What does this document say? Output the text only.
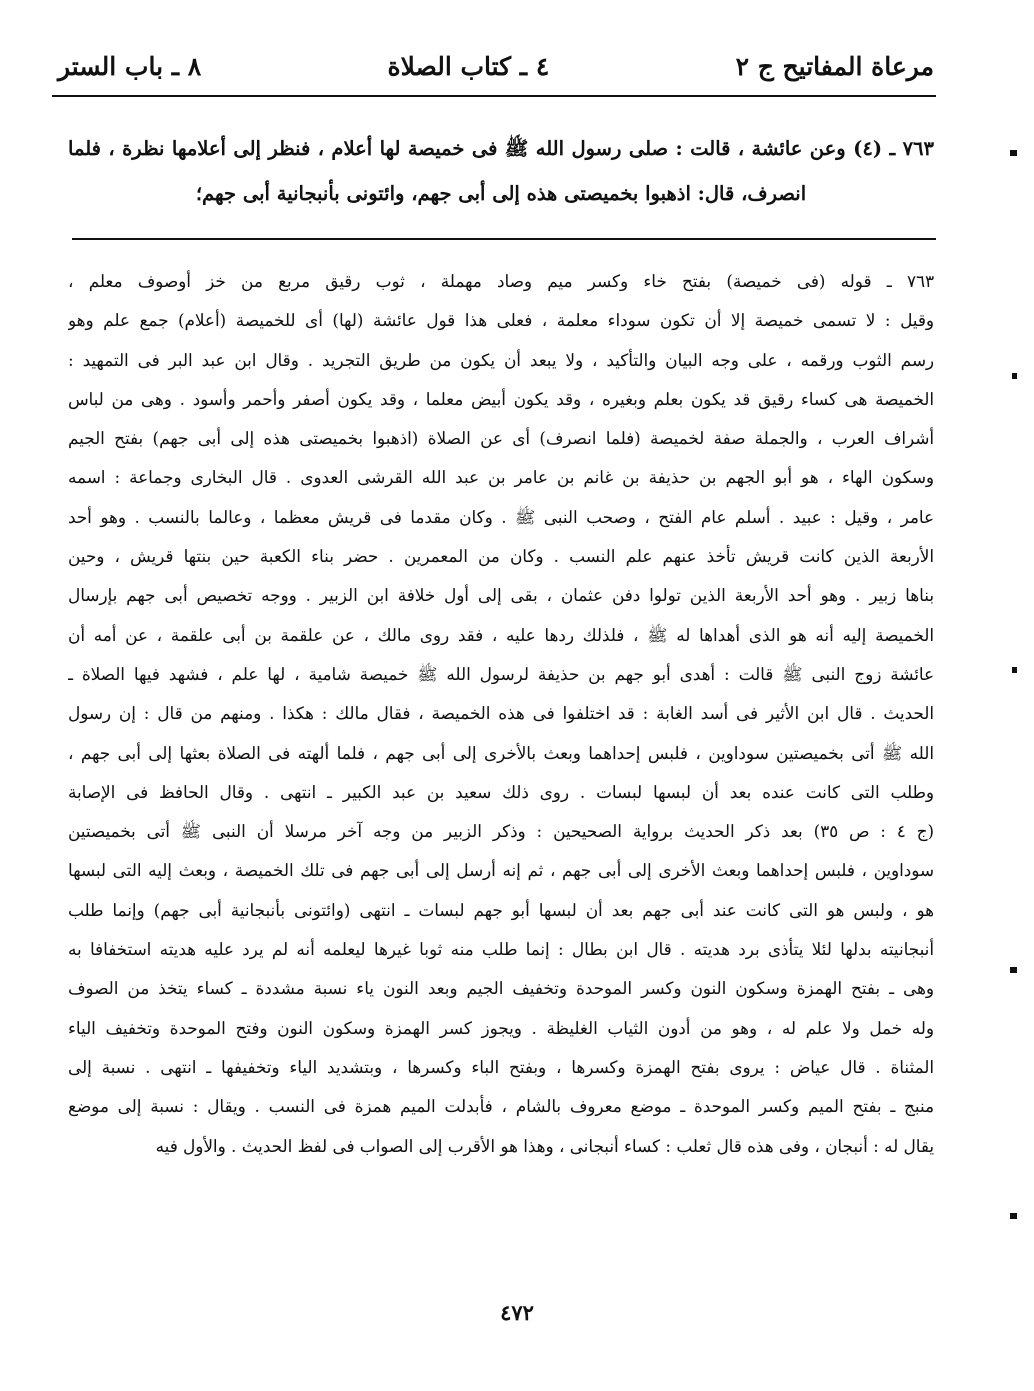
مرعاة المفاتيح ج ٢
٤ ـ كتاب الصلاة
٨ ـ باب الستر
٧٦٣ ـ (٤) وعن عائشة ، قالت : صلى رسول الله ﷺ فى خميصة لها أعلام ، فنظر إلى أعلامها نظرة ، فلما انصرف، قال: اذهبوا بخميصتى هذه إلى أبى جهم، وائتونى بأنبجانية أبى جهم؛
٧٦٣ ـ قوله (فى خميصة) بفتح خاء وكسر ميم وصاد مهملة ، ثوب رقيق مربع من خز أوصوف معلم ،
وقيل : لا تسمى خميصة إلا أن تكون سوداء معلمة ، فعلى هذا قول عائشة (لها) أى للخميصة (أعلام) جمع علم وهو
رسم الثوب ورقمه ، على وجه البيان والتأكيد ، ولا يبعد أن يكون من طريق التجريد . وقال ابن عبد البر فى التمهيد :
الخميصة هى كساء رقيق قد يكون بعلم وبغيره ، وقد يكون أبيض معلما ، وقد يكون أصفر وأحمر وأسود . وهى من لباس
أشراف العرب ، والجملة صفة لخميصة (فلما انصرف) أى عن الصلاة (اذهبوا بخميصتى هذه إلى أبى جهم) بفتح الجيم
وسكون الهاء ، هو أبو الجهم بن حذيفة بن غانم بن عامر بن عبد الله القرشى العدوى . قال البخارى وجماعة : اسمه
عامر ، وقيل : عبيد . أسلم عام الفتح ، وصحب النبى ﷺ . وكان مقدما فى قريش معظما ، وعالما بالنسب . وهو أحد
الأربعة الذين كانت قريش تأخذ عنهم علم النسب . وكان من المعمرين . حضر بناء الكعبة حين بنتها قريش ، وحين
بناها زبير . وهو أحد الأربعة الذين تولوا دفن عثمان ، بقى إلى أول خلافة ابن الزبير . ووجه تخصيص أبى جهم بإرسال
الخميصة إليه أنه هو الذى أهداها له ﷺ ، فلذلك ردها عليه ، فقد روى مالك ، عن علقمة بن أبى علقمة ، عن أمه أن
عائشة زوج النبى ﷺ قالت : أهدى أبو جهم بن حذيفة لرسول الله ﷺ خميصة شامية ، لها علم ، فشهد فيها الصلاة ـ
الحديث . قال ابن الأثير فى أسد الغابة : قد اختلفوا فى هذه الخميصة ، فقال مالك : هكذا . ومنهم من قال : إن رسول
الله ﷺ أتى بخميصتين سوداوين ، فلبس إحداهما وبعث بالأخرى إلى أبى جهم ، فلما ألهته فى الصلاة بعثها إلى أبى جهم ،
وطلب التى كانت عنده بعد أن لبسها لبسات . روى ذلك سعيد بن عبد الكبير ـ انتهى . وقال الحافظ فى الإصابة
(ج ٤ : ص ٣٥) بعد ذكر الحديث برواية الصحيحين : وذكر الزبير من وجه آخر مرسلا أن النبى ﷺ أتى بخميصتين
سوداوين ، فلبس إحداهما وبعث الأخرى إلى أبى جهم ، ثم إنه أرسل إلى أبى جهم فى تلك الخميصة ، وبعث إليه التى لبسها
هو ، ولبس هو التى كانت عند أبى جهم بعد أن لبسها أبو جهم لبسات ـ انتهى (وائتونى بأنبجانية أبى جهم) وإنما طلب
أنبجانيته بدلها لئلا يتأذى برد هديته . قال ابن بطال : إنما طلب منه ثوبا غيرها ليعلمه أنه لم يرد عليه هديته استخفافا به
وهى ـ بفتح الهمزة وسكون النون وكسر الموحدة وتخفيف الجيم وبعد النون ياء نسبة مشددة ـ كساء يتخذ من الصوف
وله خمل ولا علم له ، وهو من أدون الثياب الغليظة . ويجوز كسر الهمزة وسكون النون وفتح الموحدة وتخفيف الياء
المثناة . قال عياض : يروى بفتح الهمزة وكسرها ، وبفتح الباء وكسرها ، وبتشديد الياء وتخفيفها ـ انتهى . نسبة إلى
منبج ـ بفتح الميم وكسر الموحدة ـ موضع معروف بالشام ، فأبدلت الميم همزة فى النسب . ويقال : نسبة إلى موضع
يقال له : أنبجان ، وفى هذه قال ثعلب : كساء أنبجانى ، وهذا هو الأقرب إلى الصواب فى لفظ الحديث . والأول فيه
٤٧٢
